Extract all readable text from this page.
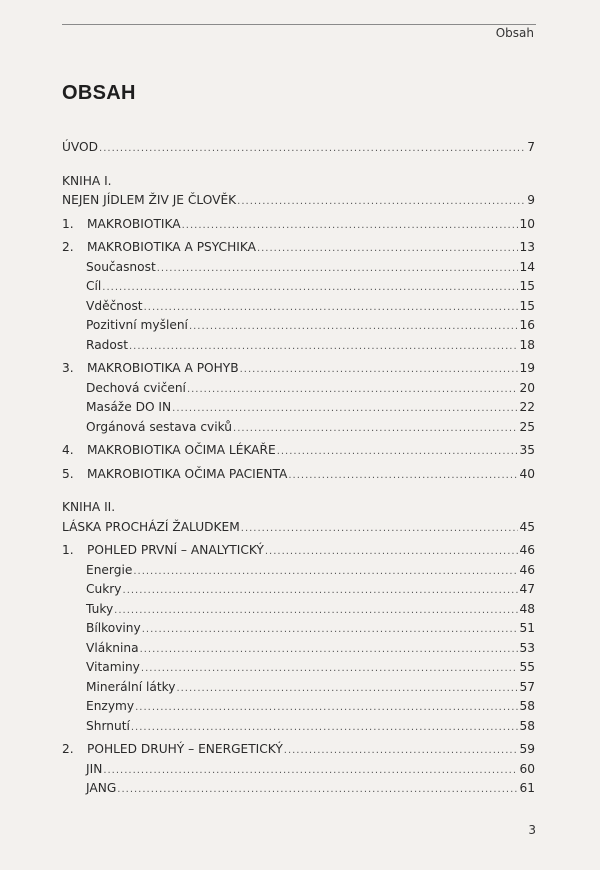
Obsah
OBSAH
ÚVOD .....	7
KNIHA I.
NEJEN JÍDLEM ŽIV JE ČLOVĚK .....	9
1. MAKROBIOTIKA .....	10
2. MAKROBIOTIKA A PSYCHIKA .....	13
Současnost .....	14
Cíl .....	15
Vděčnost .....	15
Pozitivní myšlení .....	16
Radost .....	18
3. MAKROBIOTIKA A POHYB .....	19
Dechová cvičení .....	20
Masáže DO IN .....	22
Orgánová sestava cviků .....	25
4. MAKROBIOTIKA OČIMA LÉKAŘE .....	35
5. MAKROBIOTIKA OČIMA PACIENTA .....	40
KNIHA II.
LÁSKA PROCHÁZÍ ŽALUDKEM .....	45
1. POHLED PRVNÍ – ANALYTICKÝ .....	46
Energie .....	46
Cukry .....	47
Tuky .....	48
Bílkoviny .....	51
Vláknina .....	53
Vitaminy .....	55
Minerální látky .....	57
Enzymy .....	58
Shrnutí .....	58
2. POHLED DRUHÝ – ENERGETICKÝ .....	59
JIN .....	60
JANG .....	61
3
